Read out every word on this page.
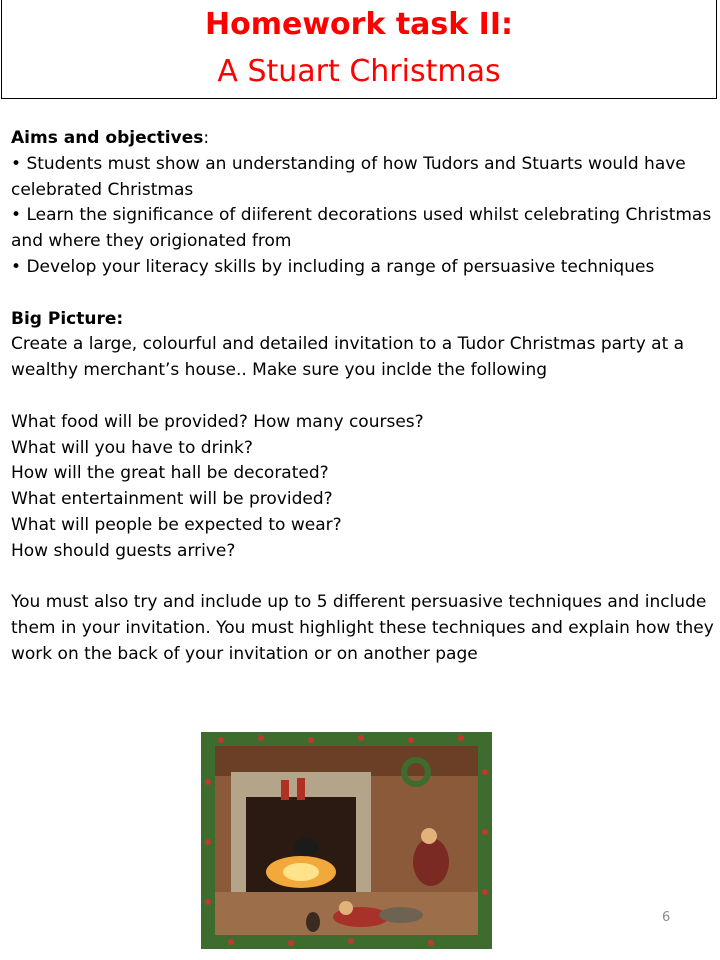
Homework task II:
A Stuart Christmas

Aims and objectives:

• Students must show an understanding of how Tudors and Stuarts would have celebrated Christmas

• Learn the significance of diiferent decorations used whilst celebrating Christmas and where they origionated from

• Develop your literacy skills by including a range of persuasive techniques

Big Picture:

Create a large, colourful and detailed invitation to a Tudor Christmas party at a wealthy merchant’s house.. Make sure you inclde the following

What food will be provided? How many courses?

What will you have to drink?

How will the great hall be decorated?

What entertainment will be provided?

What will people be expected to wear?

How should guests arrive?

You must also try and include up to 5 different persuasive techniques and include them in your invitation. You must highlight these techniques and explain how they work on the back of your invitation or on another page

6
